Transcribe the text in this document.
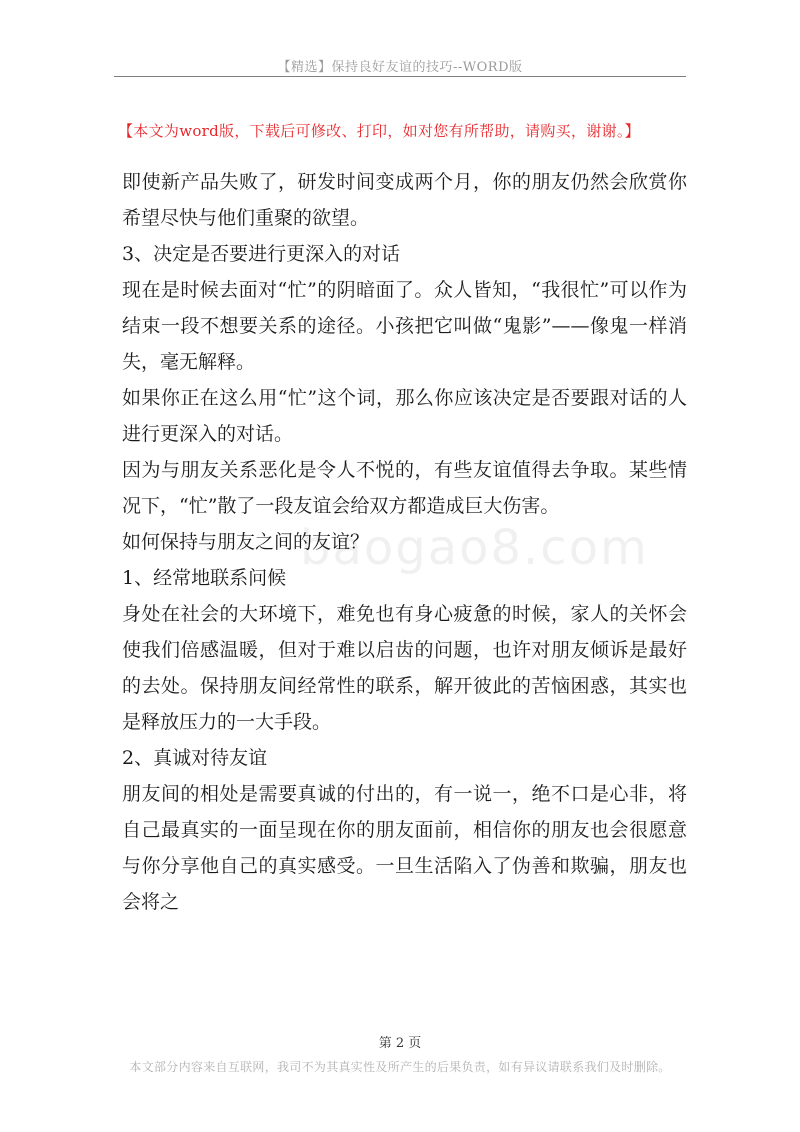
【精选】保持良好友谊的技巧--WORD版
【本文为word版，下载后可修改、打印，如对您有所帮助，请购买，谢谢。】
baogao8.com

即使新产品失败了，研发时间变成两个月，你的朋友仍然会欣赏你希望尽快与他们重聚的欲望。

3、决定是否要进行更深入的对话

现在是时候去面对“忙”的阴暗面了。众人皆知，“我很忙”可以作为结束一段不想要关系的途径。小孩把它叫做“鬼影”——像鬼一样消失，毫无解释。

如果你正在这么用“忙”这个词，那么你应该决定是否要跟对话的人进行更深入的对话。

因为与朋友关系恶化是令人不悦的，有些友谊值得去争取。某些情况下，“忙”散了一段友谊会给双方都造成巨大伤害。

如何保持与朋友之间的友谊？

1、经常地联系问候

身处在社会的大环境下，难免也有身心疲惫的时候，家人的关怀会使我们倍感温暖，但对于难以启齿的问题，也许对朋友倾诉是最好的去处。保持朋友间经常性的联系，解开彼此的苦恼困惑，其实也是释放压力的一大手段。

2、真诚对待友谊

朋友间的相处是需要真诚的付出的，有一说一，绝不口是心非，将自己最真实的一面呈现在你的朋友面前，相信你的朋友也会很愿意与你分享他自己的真实感受。一旦生活陷入了伪善和欺骗，朋友也会将之

第 2 页
本文部分内容来自互联网，我司不为其真实性及所产生的后果负责，如有异议请联系我们及时删除。
